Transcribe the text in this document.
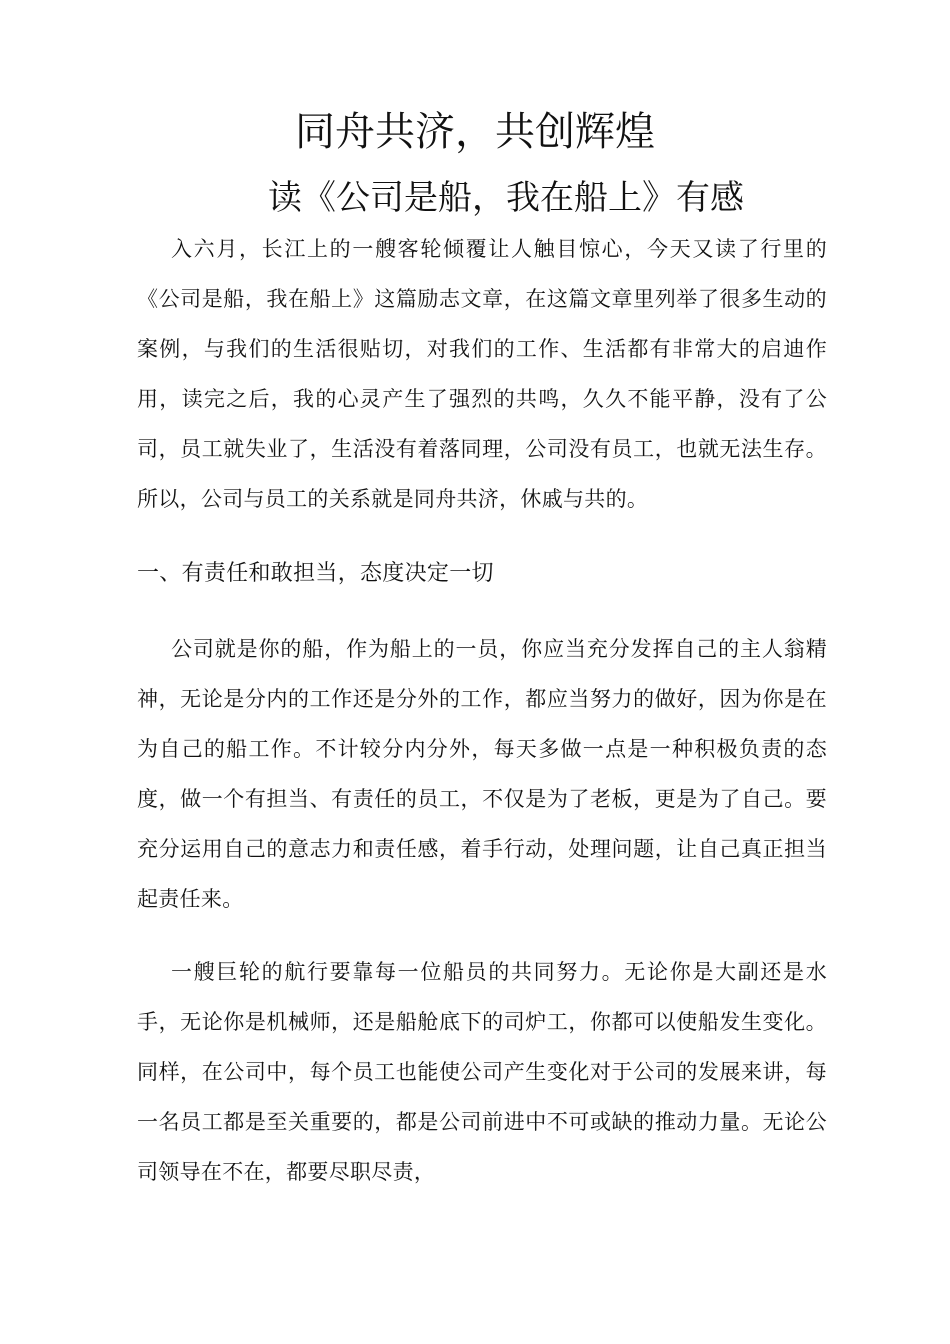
同舟共济，共创辉煌
读《公司是船，我在船上》有感

入六月，长江上的一艘客轮倾覆让人触目惊心，今天又读了行里的《公司是船，我在船上》这篇励志文章，在这篇文章里列举了很多生动的案例，与我们的生活很贴切，对我们的工作、生活都有非常大的启迪作用，读完之后，我的心灵产生了强烈的共鸣，久久不能平静，没有了公司，员工就失业了，生活没有着落同理，公司没有员工，也就无法生存。所以，公司与员工的关系就是同舟共济，休戚与共的。

一、有责任和敢担当，态度决定一切

公司就是你的船，作为船上的一员，你应当充分发挥自己的主人翁精神，无论是分内的工作还是分外的工作，都应当努力的做好，因为你是在为自己的船工作。不计较分内分外，每天多做一点是一种积极负责的态度，做一个有担当、有责任的员工，不仅是为了老板，更是为了自己。要充分运用自己的意志力和责任感，着手行动，处理问题，让自己真正担当起责任来。

一艘巨轮的航行要靠每一位船员的共同努力。无论你是大副还是水手，无论你是机械师，还是船舱底下的司炉工，你都可以使船发生变化。同样，在公司中，每个员工也能使公司产生变化对于公司的发展来讲，每一名员工都是至关重要的，都是公司前进中不可或缺的推动力量。无论公司领导在不在，都要尽职尽责，
